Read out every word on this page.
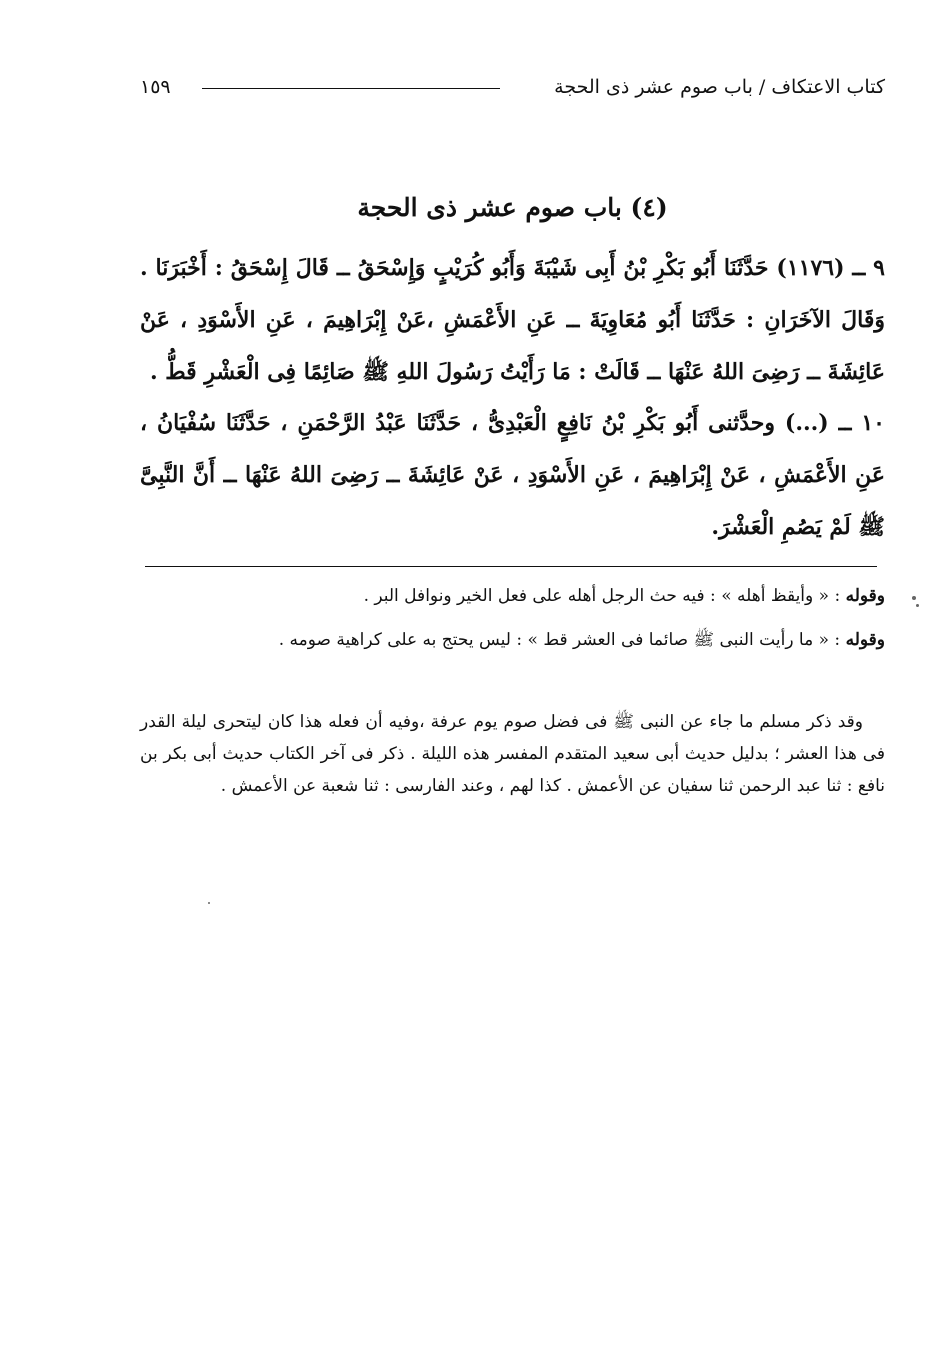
كتاب الاعتكاف / باب صوم عشر ذى الحجة
١٥٩
(٤) باب صوم عشر ذى الحجة
٩ ــ (١١٧٦) حَدَّثَنَا أَبُو بَكْرِ بْنُ أَبِى شَيْبَةَ وَأَبُو كُرَيْبٍ وَإِسْحَقُ ــ قَالَ إِسْحَقُ : أَخْبَرَنَا . وَقَالَ الآخَرَانِ : حَدَّثَنَا أَبُو مُعَاوِيَةَ ــ عَنِ الأَعْمَشِ ،عَنْ إِبْرَاهِيمَ ، عَنِ الأَسْوَدِ ، عَنْ عَائِشَةَ ــ رَضِىَ اللهُ عَنْهَا ــ قَالَتْ : مَا رَأَيْتُ رَسُولَ اللهِ ﷺ صَائِمًا فِى الْعَشْرِ قَطُّ .
١٠ ــ (...) وحدَّثنى أَبُو بَكْرِ بْنُ نَافِعٍ الْعَبْدِىُّ ، حَدَّثَنَا عَبْدُ الرَّحْمَنِ ، حَدَّثَنَا سُفْيَانُ ، عَنِ الأَعْمَشِ ، عَنْ إِبْرَاهِيمَ ، عَنِ الأَسْوَدِ ، عَنْ عَائِشَةَ ــ رَضِىَ اللهُ عَنْهَا ــ أَنَّ النَّبِىَّ ﷺ لَمْ يَصُمِ الْعَشْرَ.
وقوله : « وأيقظ أهله » : فيه حث الرجل أهله على فعل الخير ونوافل البر .
وقوله : « ما رأيت النبى ﷺ صائما فى العشر قط » : ليس يحتج به على كراهية صومه .
وقد ذكر مسلم ما جاء عن النبى ﷺ فى فضل صوم يوم عرفة ،وفيه أن فعله هذا كان ليتحرى ليلة القدر فى هذا العشر ؛ بدليل حديث أبى سعيد المتقدم المفسر هذه الليلة . ذكر فى آخر الكتاب حديث أبى بكر بن نافع : ثنا عبد الرحمن ثنا سفيان عن الأعمش . كذا لهم ، وعند الفارسى : ثنا شعبة عن الأعمش .
